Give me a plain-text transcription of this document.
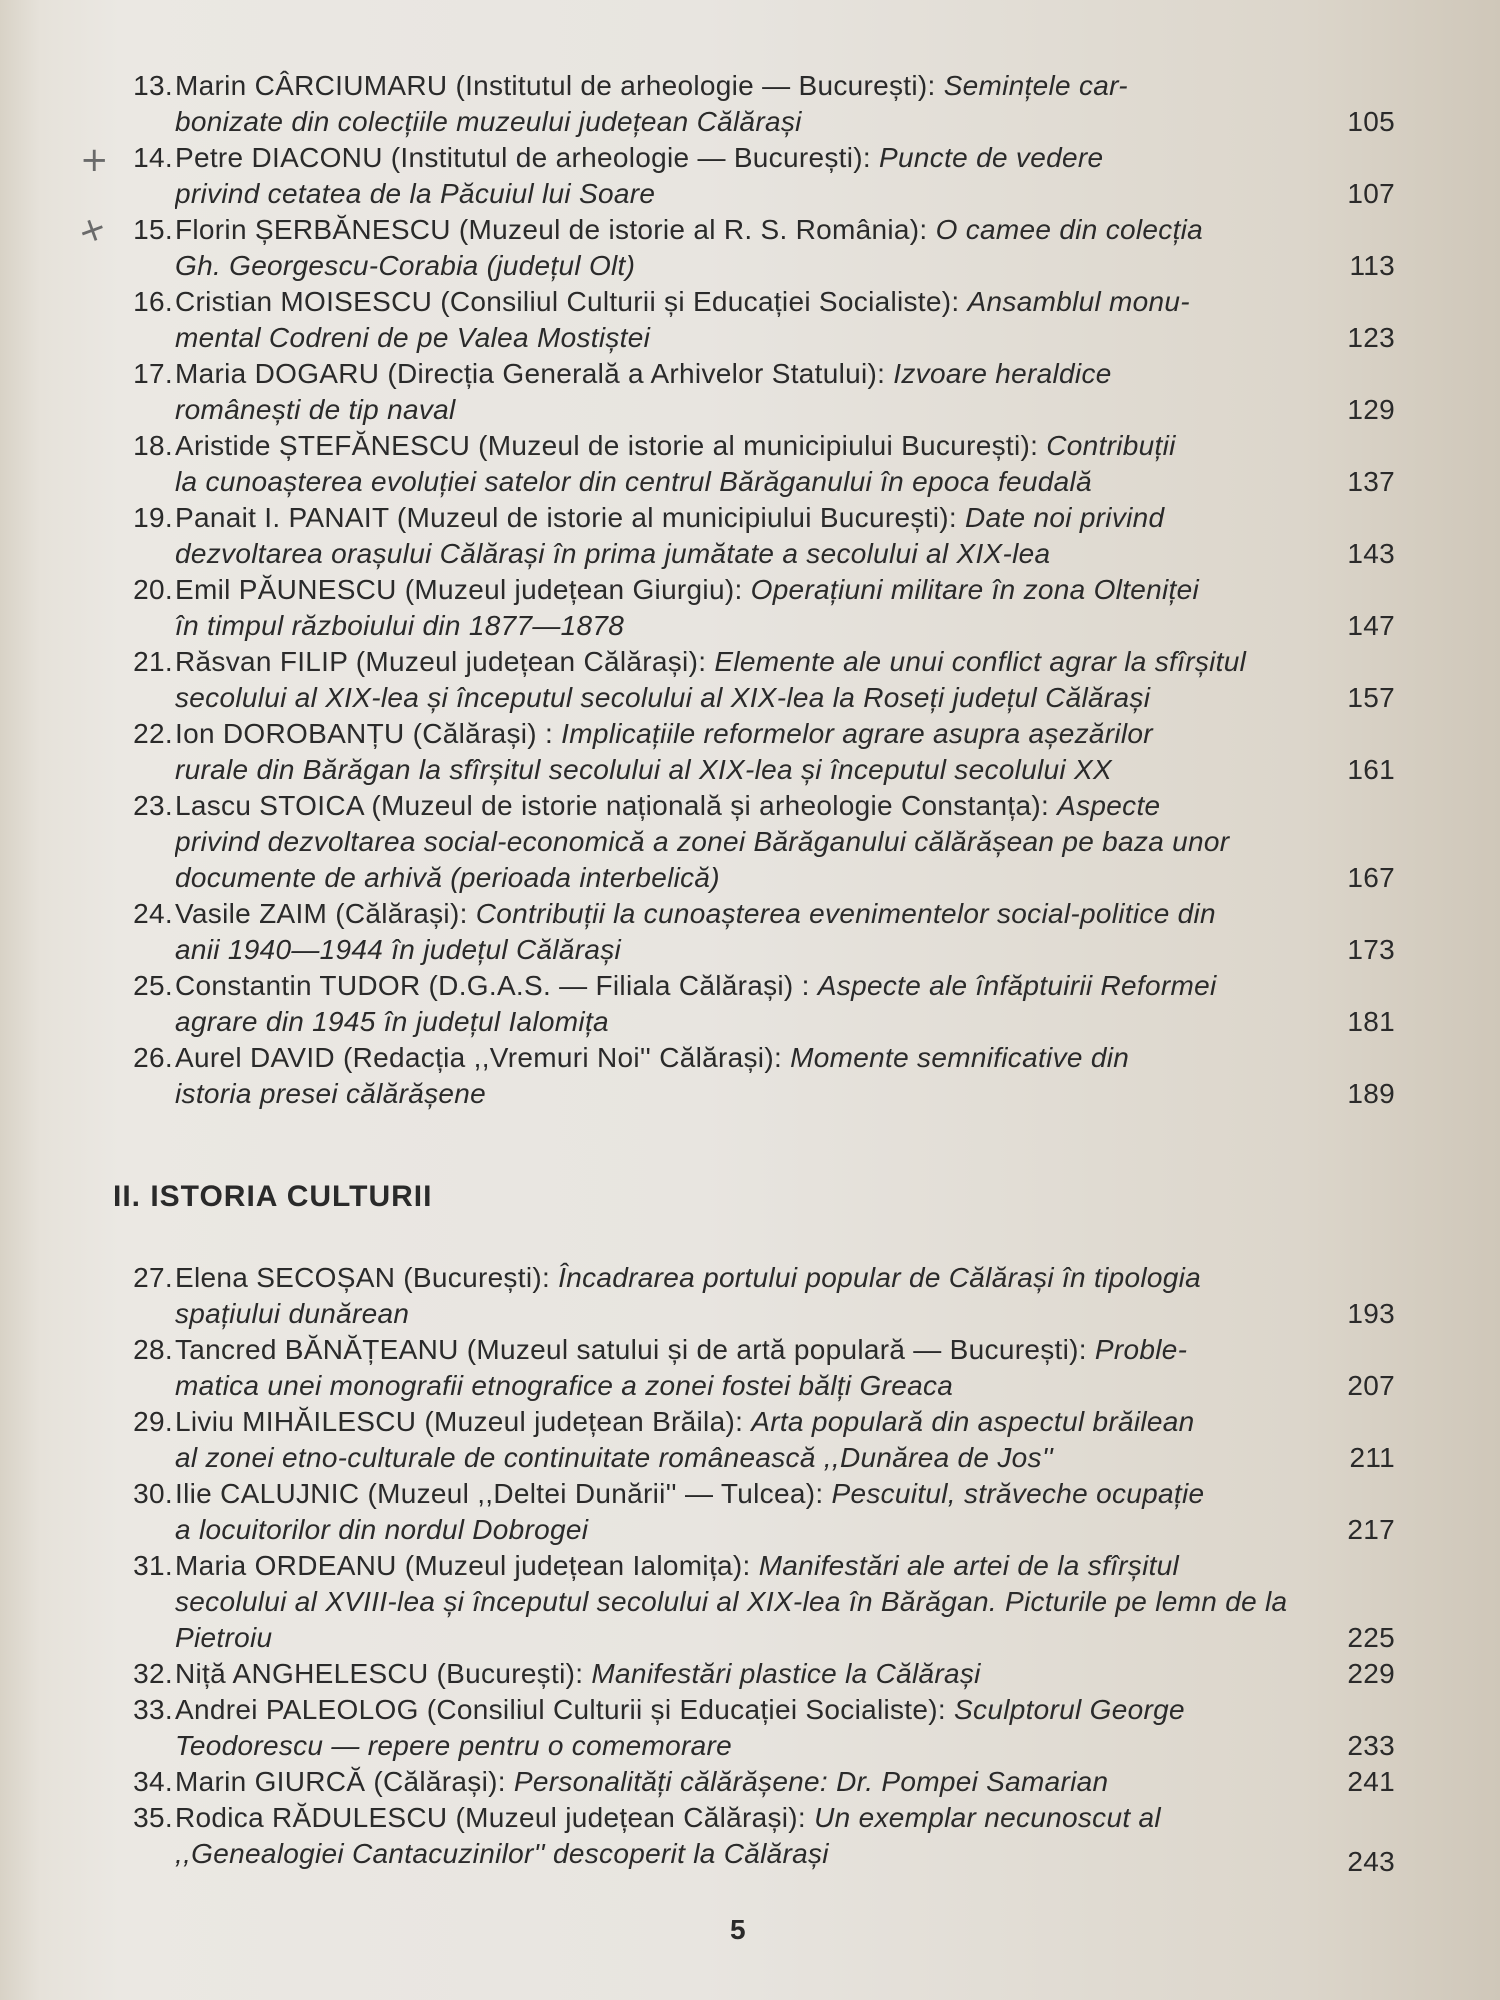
+
+
13. Marin CÂRCIUMARU (Institutul de arheologie — București): Semințele car-
bonizate din colecțiile muzeului județean Călărași	105
14. Petre DIACONU (Institutul de arheologie — București): Puncte de vedere
privind cetatea de la Păcuiul lui Soare	107
15. Florin ȘERBĂNESCU (Muzeul de istorie al R. S. România): O camee din colecția
Gh. Georgescu-Corabia (județul Olt)	113
16. Cristian MOISESCU (Consiliul Culturii și Educației Socialiste): Ansamblul monu-
mental Codreni de pe Valea Mostiștei	123
17. Maria DOGARU (Direcția Generală a Arhivelor Statului): Izvoare heraldice
românești de tip naval	129
18. Aristide ȘTEFĂNESCU (Muzeul de istorie al municipiului București): Contribuții
la cunoașterea evoluției satelor din centrul Bărăganului în epoca feudală	137
19. Panait I. PANAIT (Muzeul de istorie al municipiului București): Date noi privind
dezvoltarea orașului Călărași în prima jumătate a secolului al XIX-lea	143
20. Emil PĂUNESCU (Muzeul județean Giurgiu): Operațiuni militare în zona Olteniței
în timpul războiului din 1877—1878	147
21. Răsvan FILIP (Muzeul județean Călărași): Elemente ale unui conflict agrar la sfîrșitul
secolului al XIX-lea și începutul secolului al XIX-lea la Roseți județul Călărași	157
22. Ion DOROBANȚU (Călărași) : Implicațiile reformelor agrare asupra așezărilor
rurale din Bărăgan la sfîrșitul secolului al XIX-lea și începutul secolului XX	161
23. Lascu STOICA (Muzeul de istorie națională și arheologie Constanța): Aspecte
privind dezvoltarea social-economică a zonei Bărăganului călărășean pe baza unor
documente de arhivă (perioada interbelică)	167
24. Vasile ZAIM (Călărași): Contribuții la cunoașterea evenimentelor social-politice din
anii 1940—1944 în județul Călărași	173
25. Constantin TUDOR (D.G.A.S. — Filiala Călărași) : Aspecte ale înfăptuirii Reformei
agrare din 1945 în județul Ialomița	181
26. Aurel DAVID (Redacția ,,Vremuri Noi'' Călărași): Momente semnificative din
istoria presei călărășene	189
27. Elena SECOȘAN (București): Încadrarea portului popular de Călărași în tipologia
spațiului dunărean	193
28. Tancred BĂNĂȚEANU (Muzeul satului și de artă populară — București): Proble-
matica unei monografii etnografice a zonei fostei bălți Greaca	207
29. Liviu MIHĂILESCU (Muzeul județean Brăila): Arta populară din aspectul brăilean
al zonei etno-culturale de continuitate românească ,,Dunărea de Jos''	211
30. Ilie CALUJNIC (Muzeul ,,Deltei Dunării'' — Tulcea): Pescuitul, străveche ocupație
a locuitorilor din nordul Dobrogei	217
31. Maria ORDEANU (Muzeul județean Ialomița): Manifestări ale artei de la sfîrșitul
secolului al XVIII-lea și începutul secolului al XIX-lea în Bărăgan. Picturile pe lemn de la
Pietroiu	225
32. Niță ANGHELESCU (București): Manifestări plastice la Călărași	229
33. Andrei PALEOLOG (Consiliul Culturii și Educației Socialiste): Sculptorul George
Teodorescu — repere pentru o comemorare	233
34. Marin GIURCĂ (Călărași): Personalități călărășene: Dr. Pompei Samarian	241
35. Rodica RĂDULESCU (Muzeul județean Călărași): Un exemplar necunoscut al
,,Genealogiei Cantacuzinilor'' descoperit la Călărași	243
II. ISTORIA CULTURII
5
